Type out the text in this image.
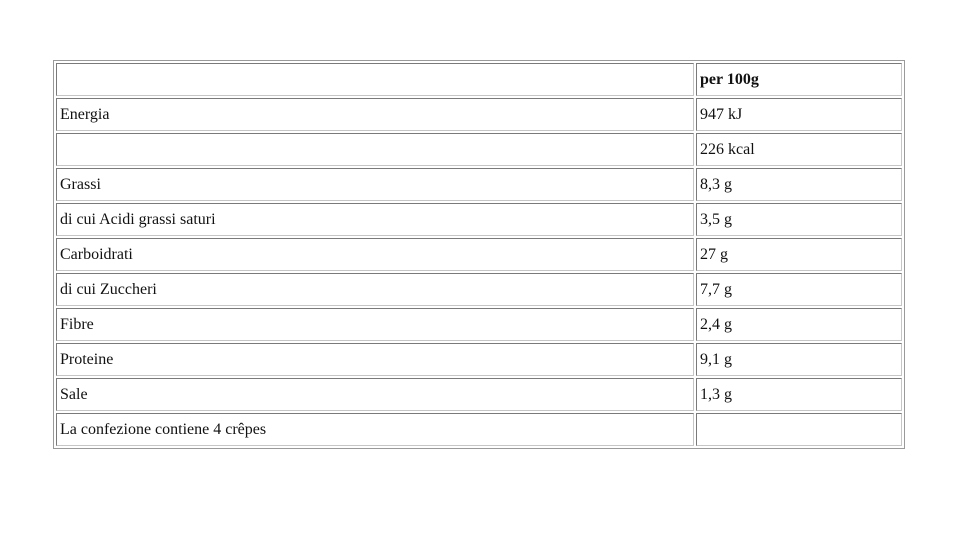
	per 100g
Energia	947 kJ
	226 kcal
Grassi	8,3 g
di cui Acidi grassi saturi	3,5 g
Carboidrati	27 g
di cui Zuccheri	7,7 g
Fibre	2,4 g
Proteine	9,1 g
Sale	1,3 g
La confezione contiene 4 crêpes	
